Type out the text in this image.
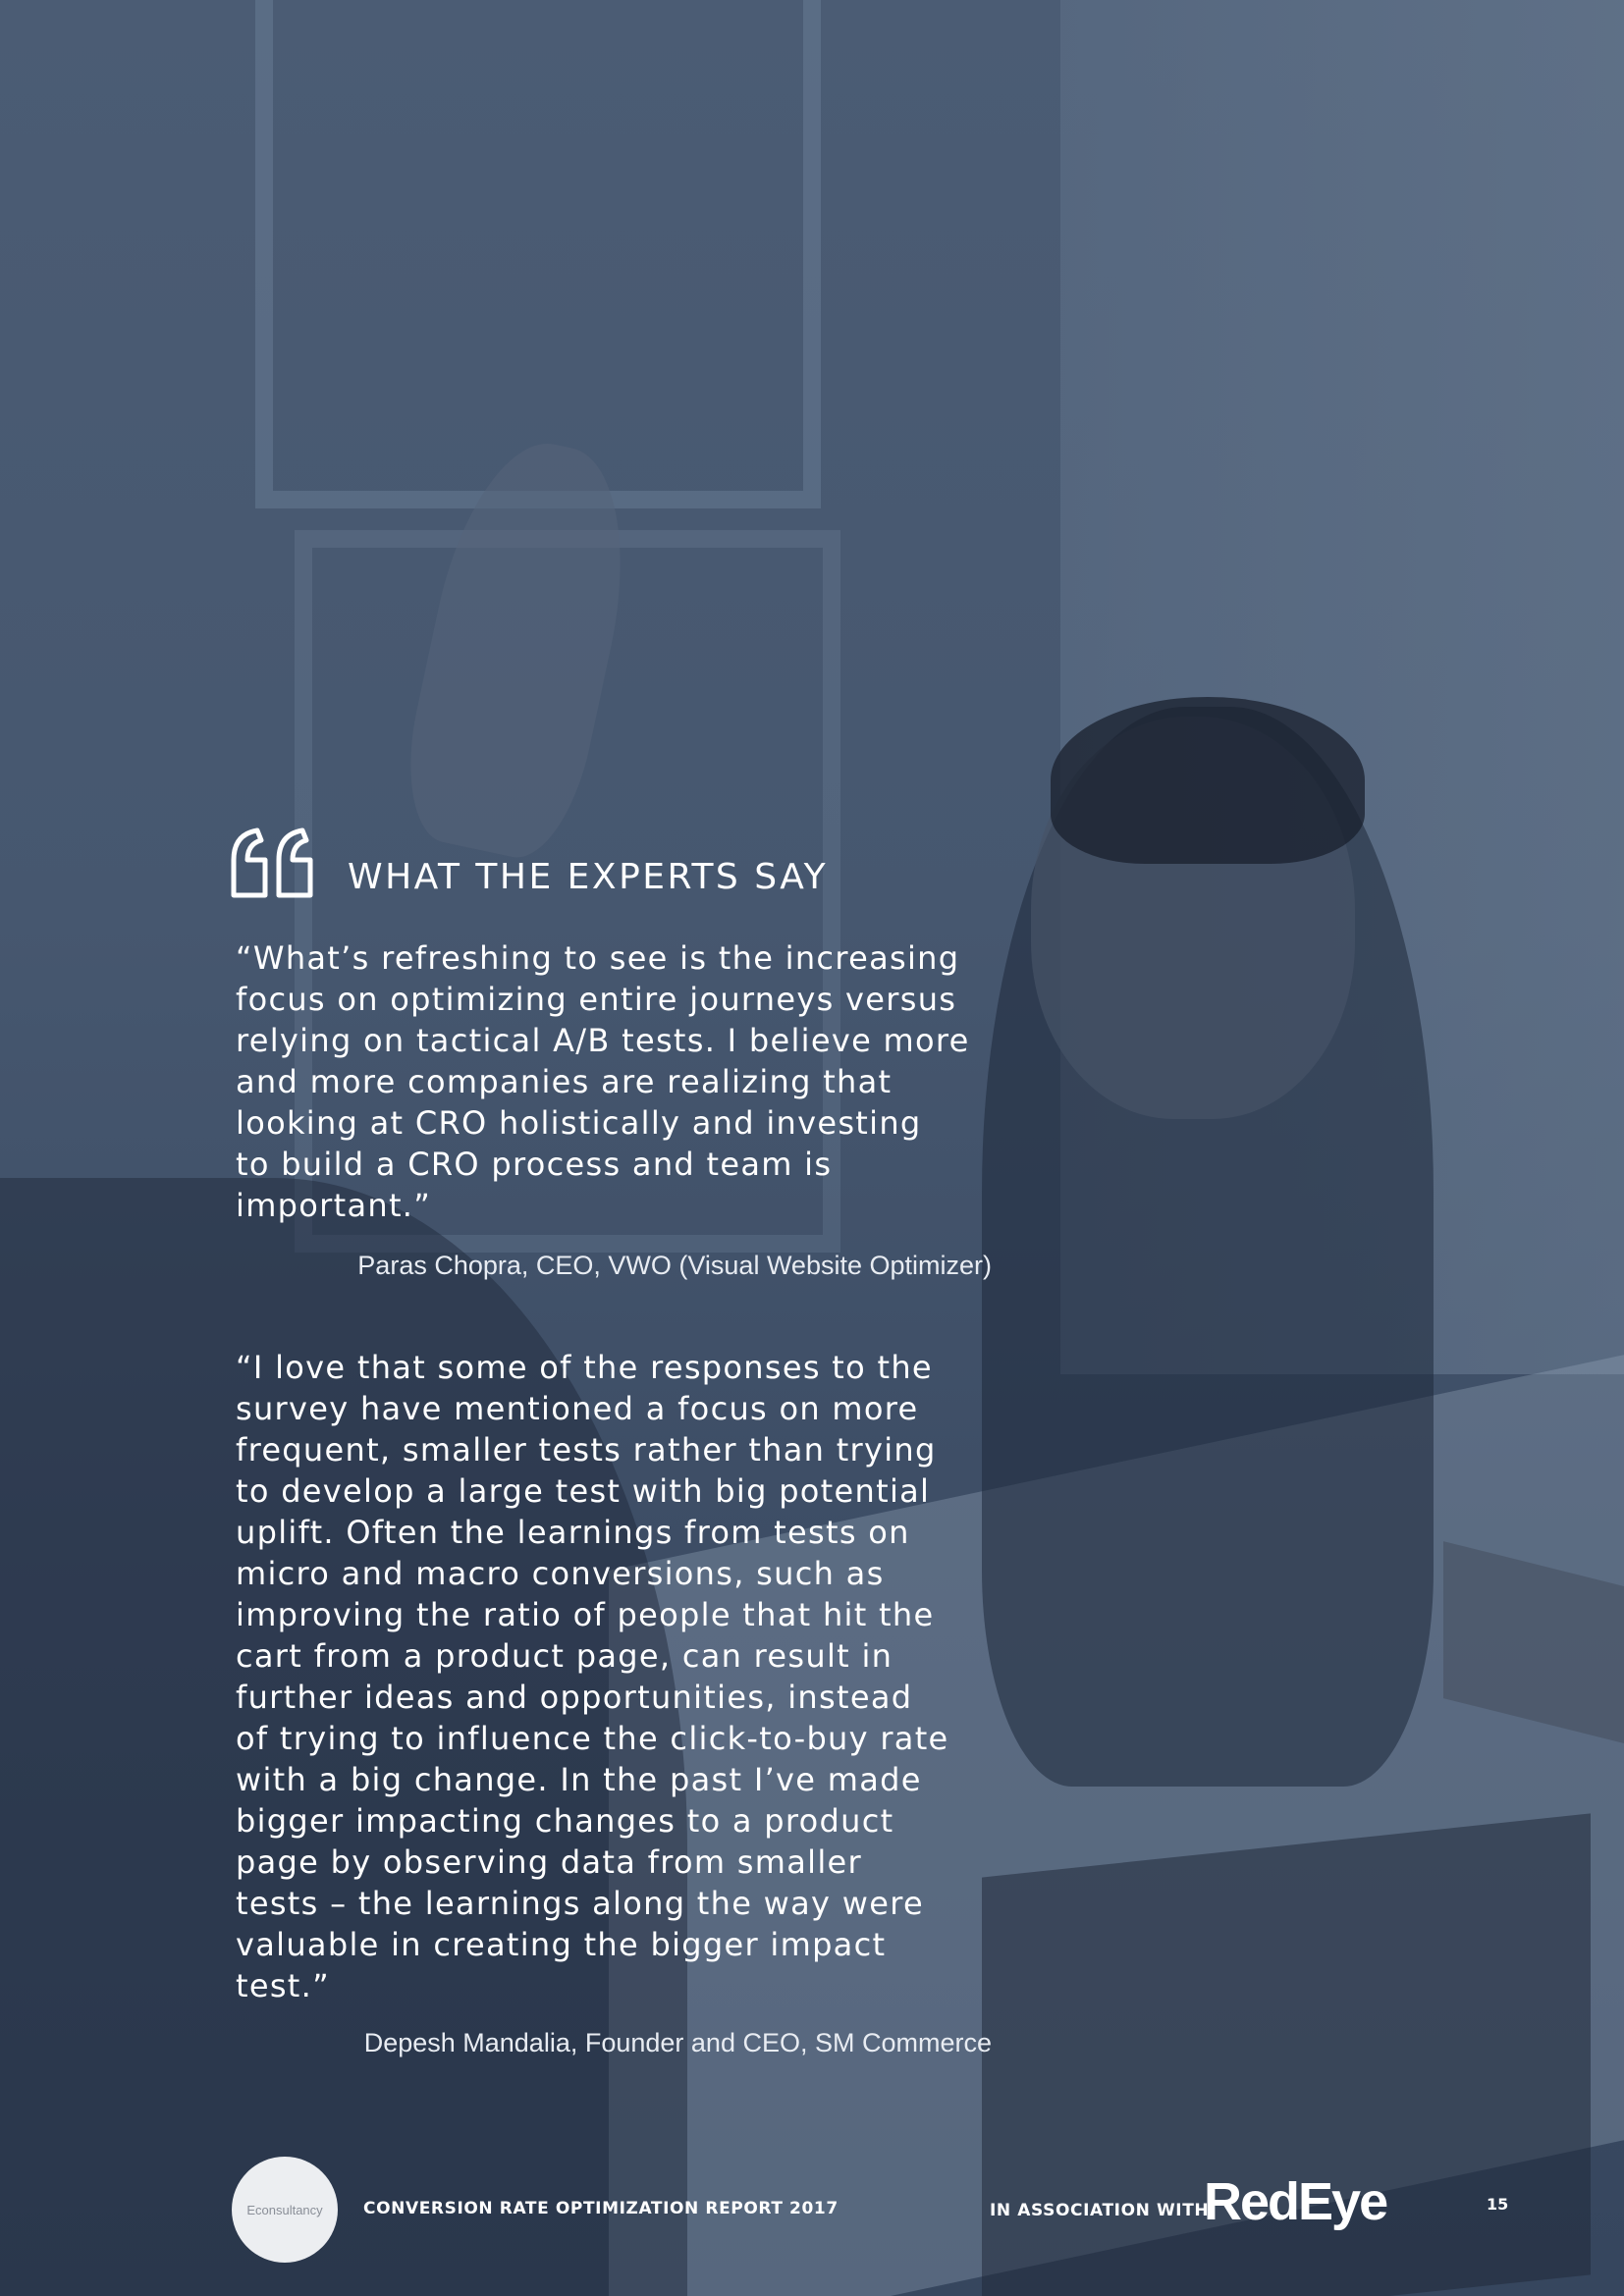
WHAT THE EXPERTS SAY

“What’s refreshing to see is the increasing
focus on optimizing entire journeys versus
relying on tactical A/B tests. I believe more
and more companies are realizing that
looking at CRO holistically and investing
to build a CRO process and team is
important.”

Paras Chopra, CEO, VWO (Visual Website Optimizer)

“I love that some of the responses to the
survey have mentioned a focus on more
frequent, smaller tests rather than trying
to develop a large test with big potential
uplift. Often the learnings from tests on
micro and macro conversions, such as
improving the ratio of people that hit the
cart from a product page, can result in
further ideas and opportunities, instead
of trying to influence the click-to-buy rate
with a big change. In the past I’ve made
bigger impacting changes to a product
page by observing data from smaller
tests – the learnings along the way were
valuable in creating the bigger impact
test.”

Depesh Mandalia, Founder and CEO, SM Commerce

Econsultancy	CONVERSION RATE OPTIMIZATION REPORT 2017	IN ASSOCIATION WITH
RedEye	15
